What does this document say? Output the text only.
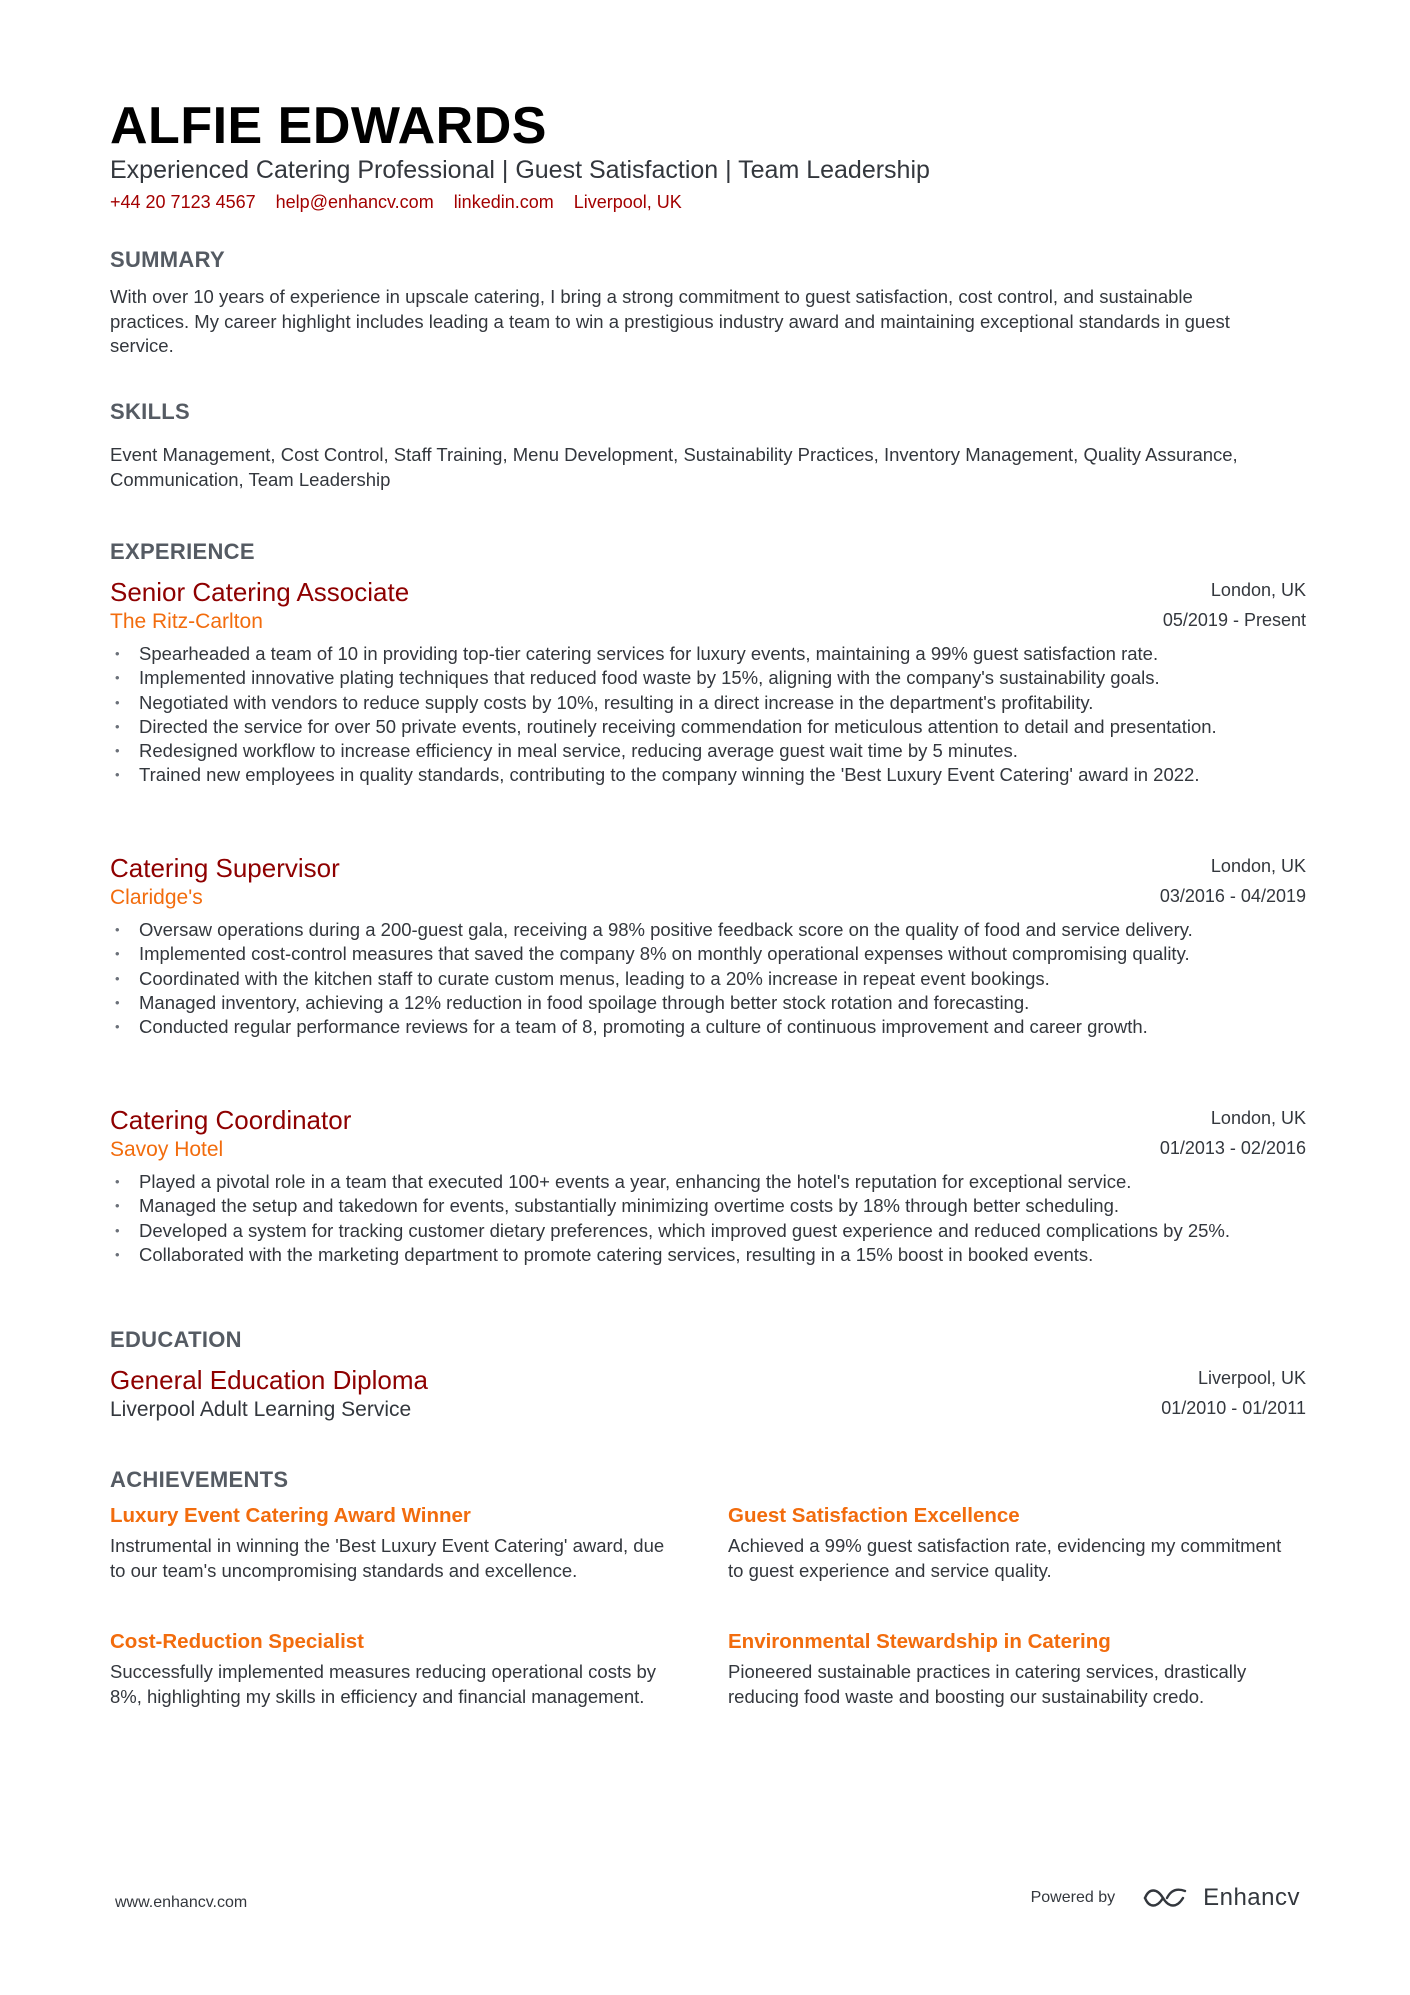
ALFIE EDWARDS
Experienced Catering Professional | Guest Satisfaction | Team Leadership
+44 20 7123 4567 help@enhancv.com linkedin.com Liverpool, UK
SUMMARY
With over 10 years of experience in upscale catering, I bring a strong commitment to guest satisfaction, cost control, and sustainable practices. My career highlight includes leading a team to win a prestigious industry award and maintaining exceptional standards in guest service.
SKILLS
Event Management, Cost Control, Staff Training, Menu Development, Sustainability Practices, Inventory Management, Quality Assurance, Communication, Team Leadership
EXPERIENCE
Senior Catering Associate	London, UK
The Ritz-Carlton	05/2019 - Present
• Spearheaded a team of 10 in providing top-tier catering services for luxury events, maintaining a 99% guest satisfaction rate.
• Implemented innovative plating techniques that reduced food waste by 15%, aligning with the company's sustainability goals.
• Negotiated with vendors to reduce supply costs by 10%, resulting in a direct increase in the department's profitability.
• Directed the service for over 50 private events, routinely receiving commendation for meticulous attention to detail and presentation.
• Redesigned workflow to increase efficiency in meal service, reducing average guest wait time by 5 minutes.
• Trained new employees in quality standards, contributing to the company winning the 'Best Luxury Event Catering' award in 2022.
Catering Supervisor	London, UK
Claridge's	03/2016 - 04/2019
• Oversaw operations during a 200-guest gala, receiving a 98% positive feedback score on the quality of food and service delivery.
• Implemented cost-control measures that saved the company 8% on monthly operational expenses without compromising quality.
• Coordinated with the kitchen staff to curate custom menus, leading to a 20% increase in repeat event bookings.
• Managed inventory, achieving a 12% reduction in food spoilage through better stock rotation and forecasting.
• Conducted regular performance reviews for a team of 8, promoting a culture of continuous improvement and career growth.
Catering Coordinator	London, UK
Savoy Hotel	01/2013 - 02/2016
• Played a pivotal role in a team that executed 100+ events a year, enhancing the hotel's reputation for exceptional service.
• Managed the setup and takedown for events, substantially minimizing overtime costs by 18% through better scheduling.
• Developed a system for tracking customer dietary preferences, which improved guest experience and reduced complications by 25%.
• Collaborated with the marketing department to promote catering services, resulting in a 15% boost in booked events.
EDUCATION
General Education Diploma	Liverpool, UK
Liverpool Adult Learning Service	01/2010 - 01/2011
ACHIEVEMENTS
Luxury Event Catering Award Winner
Instrumental in winning the 'Best Luxury Event Catering' award, due to our team's uncompromising standards and excellence.
Guest Satisfaction Excellence
Achieved a 99% guest satisfaction rate, evidencing my commitment to guest experience and service quality.
Cost-Reduction Specialist
Successfully implemented measures reducing operational costs by 8%, highlighting my skills in efficiency and financial management.
Environmental Stewardship in Catering
Pioneered sustainable practices in catering services, drastically reducing food waste and boosting our sustainability credo.
www.enhancv.com	Powered by	Enhancv
